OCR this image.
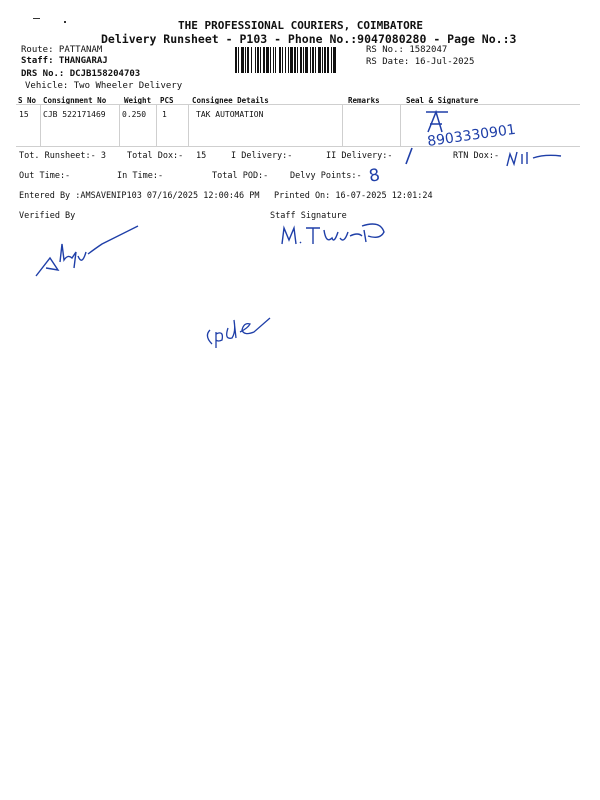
THE PROFESSIONAL COURIERS, COIMBATORE
Delivery Runsheet - P103 - Phone No.:9047080280 - Page No.:3
Route: PATTANAM
Staff: THANGARAJ
DRS No.: DCJB158204703
Vehicle: Two Wheeler Delivery
RS No.: 1582047
RS Date: 16-Jul-2025
S No Consignment No Weight PCS Consignee Details	Remarks	Seal & Signature
15 CJB 522171469 0.250 1	TAK AUTOMATION
8903330901
Tot. Runsheet:- 3 Total Dox:- 15	I Delivery:-	II Delivery:-	RTN Dox:-
Out Time:-	In Time:-	Total POD:-	Delvy Points:- 8
Entered By :AMSAVENIP103 07/16/2025 12:00:46 PM Printed On: 16-07-2025 12:01:24
Verified By	Staff Signature
